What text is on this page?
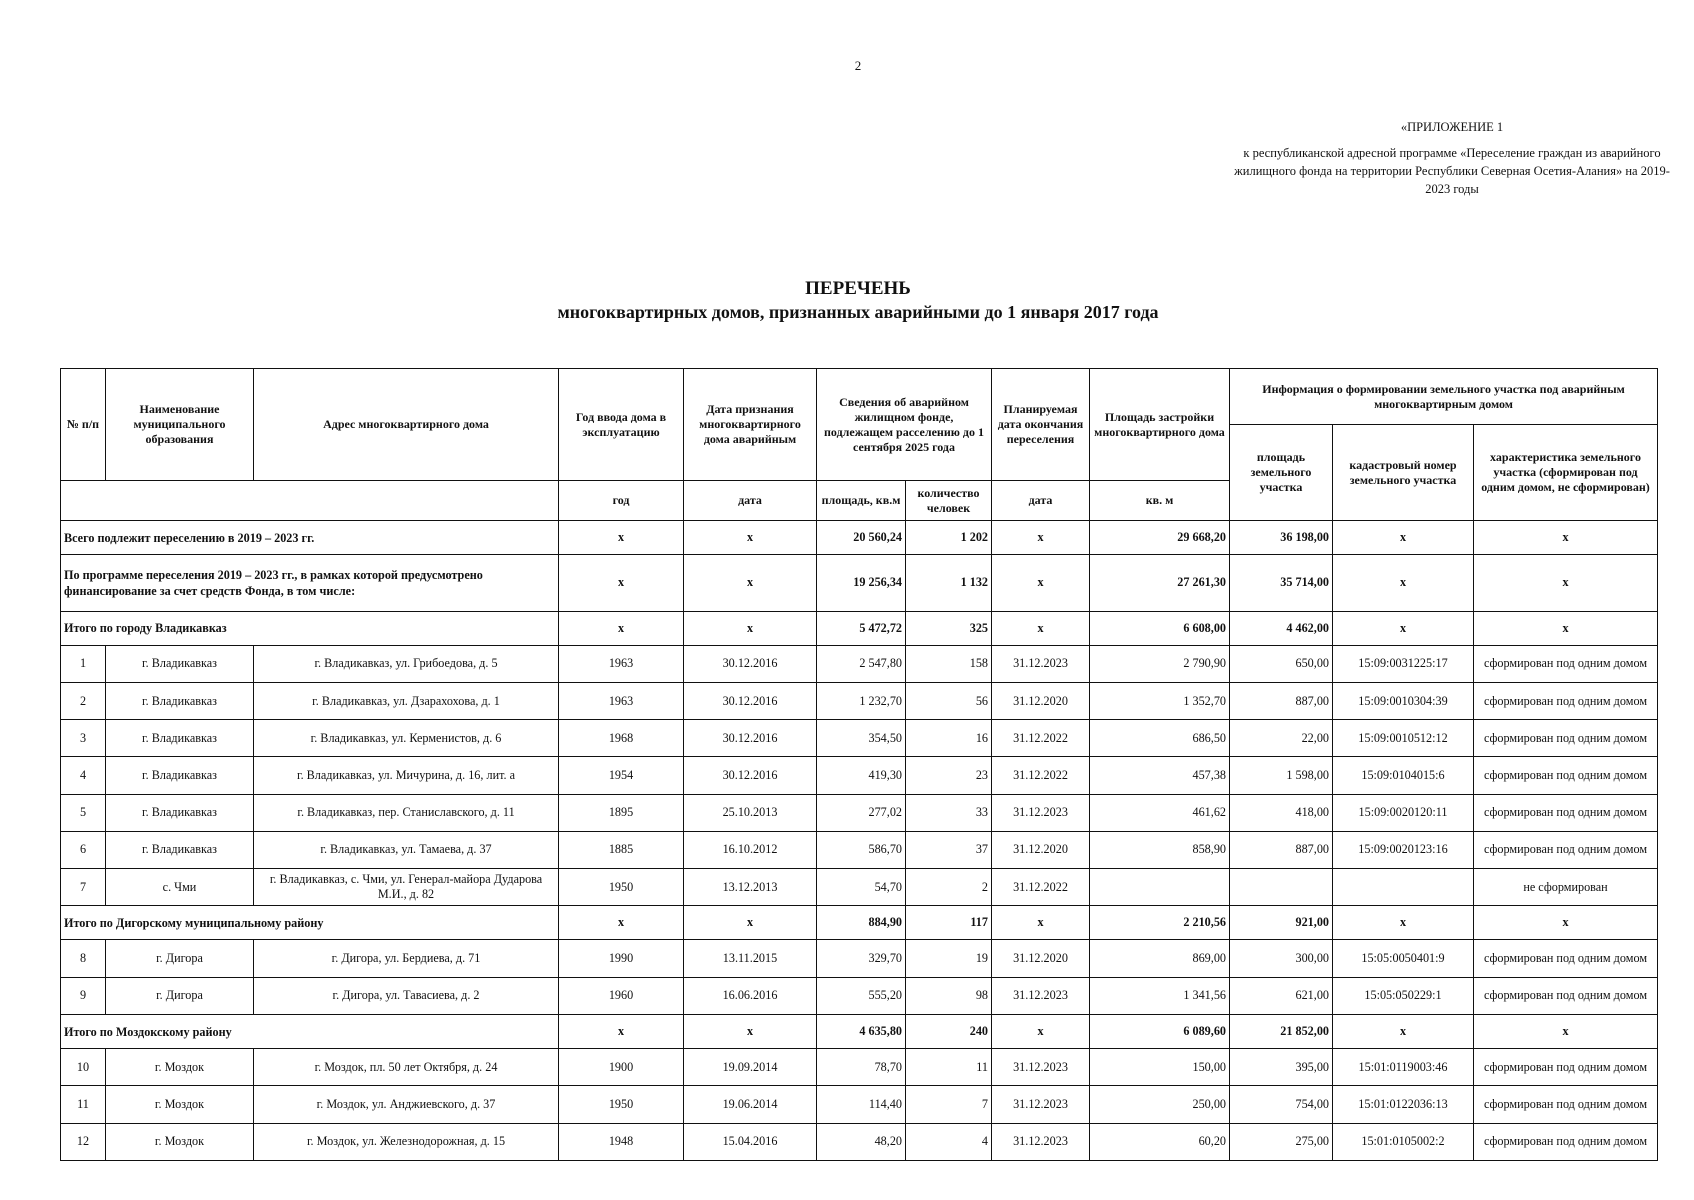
2
«ПРИЛОЖЕНИЕ 1
к республиканской адресной программе «Переселение граждан из аварийного жилищного фонда на территории Республики Северная Осетия-Алания» на 2019-2023 годы
ПЕРЕЧЕНЬ
многоквартирных домов, признанных аварийными до 1 января 2017 года
№ п/п	Наименование муниципального образования	Адрес многоквартирного дома	Год ввода дома в эксплуатацию	Дата признания многоквартирного дома аварийным	Сведения об аварийном жилищном фонде, подлежащем расселению до 1 сентября 2025 года		Планируемая дата окончания переселения	Площадь застройки многоквартирного дома	Информация о формировании земельного участка под аварийным многоквартирным домом		
									площадь земельного участка	кадастровый номер земельного участка	характеристика земельного участка (сформирован под одним домом, не сформирован)
			год	дата	площадь, кв.м	количество человек	дата	кв. м			
Всего подлежит переселению в 2019 – 2023 гг.			x	x	20 560,24	1 202	x	29 668,20	36 198,00	x	x
По программе переселения 2019 – 2023 гг., в рамках которой предусмотрено финансирование за счет средств Фонда, в том числе:			x	x	19 256,34	1 132	x	27 261,30	35 714,00	x	x
Итого по городу Владикавказ			x	x	5 472,72	325	x	6 608,00	4 462,00	x	x
1	г. Владикавказ	г. Владикавказ, ул. Грибоедова, д. 5	1963	30.12.2016	2 547,80	158	31.12.2023	2 790,90	650,00	15:09:0031225:17	сформирован под одним домом
2	г. Владикавказ	г. Владикавказ, ул. Дзарахохова, д. 1	1963	30.12.2016	1 232,70	56	31.12.2020	1 352,70	887,00	15:09:0010304:39	сформирован под одним домом
3	г. Владикавказ	г. Владикавказ, ул. Керменистов, д. 6	1968	30.12.2016	354,50	16	31.12.2022	686,50	22,00	15:09:0010512:12	сформирован под одним домом
4	г. Владикавказ	г. Владикавказ, ул. Мичурина, д. 16, лит. а	1954	30.12.2016	419,30	23	31.12.2022	457,38	1 598,00	15:09:0104015:6	сформирован под одним домом
5	г. Владикавказ	г. Владикавказ, пер. Станиславского, д. 11	1895	25.10.2013	277,02	33	31.12.2023	461,62	418,00	15:09:0020120:11	сформирован под одним домом
6	г. Владикавказ	г. Владикавказ, ул. Тамаева, д. 37	1885	16.10.2012	586,70	37	31.12.2020	858,90	887,00	15:09:0020123:16	сформирован под одним домом
7	с. Чми	г. Владикавказ, с. Чми, ул. Генерал-майора Дударова М.И., д. 82	1950	13.12.2013	54,70	2	31.12.2022				не сформирован
Итого по Дигорскому муниципальному району			x	x	884,90	117	x	2 210,56	921,00	x	x
8	г. Дигора	г. Дигора, ул. Бердиева, д. 71	1990	13.11.2015	329,70	19	31.12.2020	869,00	300,00	15:05:0050401:9	сформирован под одним домом
9	г. Дигора	г. Дигора, ул. Тавасиева, д. 2	1960	16.06.2016	555,20	98	31.12.2023	1 341,56	621,00	15:05:050229:1	сформирован под одним домом
Итого по Моздокскому району			x	x	4 635,80	240	x	6 089,60	21 852,00	x	x
10	г. Моздок	г. Моздок, пл. 50 лет Октября, д. 24	1900	19.09.2014	78,70	11	31.12.2023	150,00	395,00	15:01:0119003:46	сформирован под одним домом
11	г. Моздок	г. Моздок, ул. Анджиевского, д. 37	1950	19.06.2014	114,40	7	31.12.2023	250,00	754,00	15:01:0122036:13	сформирован под одним домом
12	г. Моздок	г. Моздок, ул. Железнодорожная, д. 15	1948	15.04.2016	48,20	4	31.12.2023	60,20	275,00	15:01:0105002:2	сформирован под одним домом
